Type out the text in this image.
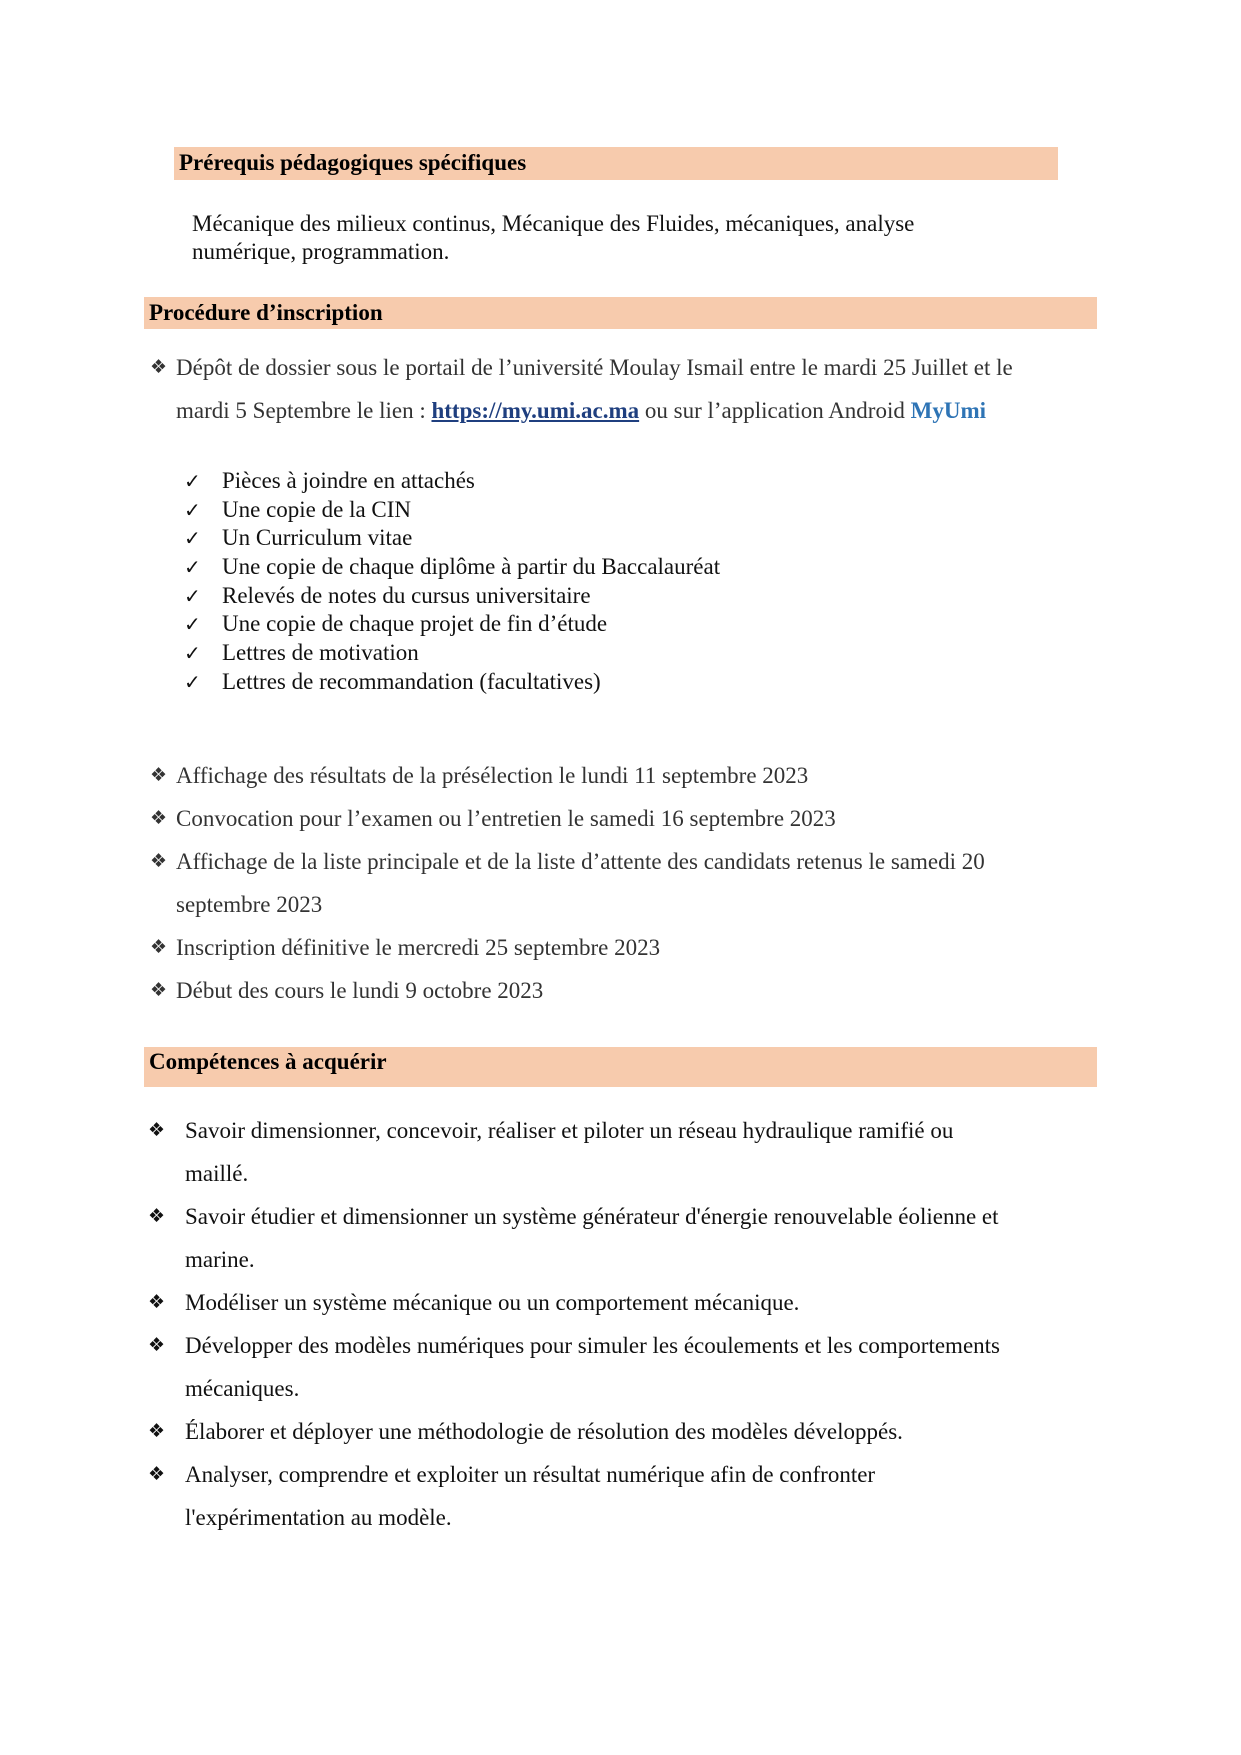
Prérequis pédagogiques spécifiques
Mécanique des milieux continus, Mécanique des Fluides, mécaniques, analyse
numérique, programmation.
Procédure d’inscription
❖ Dépôt de dossier sous le portail de l’université Moulay Ismail entre le mardi 25 Juillet et le
mardi 5 Septembre le lien : https://my.umi.ac.ma ou sur l’application Android MyUmi
✓ Pièces à joindre en attachés
✓ Une copie de la CIN
✓ Un Curriculum vitae
✓ Une copie de chaque diplôme à partir du Baccalauréat
✓ Relevés de notes du cursus universitaire
✓ Une copie de chaque projet de fin d’étude
✓ Lettres de motivation
✓ Lettres de recommandation (facultatives)
❖ Affichage des résultats de la présélection le lundi 11 septembre 2023
❖ Convocation pour l’examen ou l’entretien le samedi 16 septembre 2023
❖ Affichage de la liste principale et de la liste d’attente des candidats retenus le samedi 20
septembre 2023
❖ Inscription définitive le mercredi 25 septembre 2023
❖ Début des cours le lundi 9 octobre 2023
Compétences à acquérir
❖ Savoir dimensionner, concevoir, réaliser et piloter un réseau hydraulique ramifié ou
maillé.
❖ Savoir étudier et dimensionner un système générateur d'énergie renouvelable éolienne et
marine.
❖ Modéliser un système mécanique ou un comportement mécanique.
❖ Développer des modèles numériques pour simuler les écoulements et les comportements
mécaniques.
❖ Élaborer et déployer une méthodologie de résolution des modèles développés.
❖ Analyser, comprendre et exploiter un résultat numérique afin de confronter
l'expérimentation au modèle.
